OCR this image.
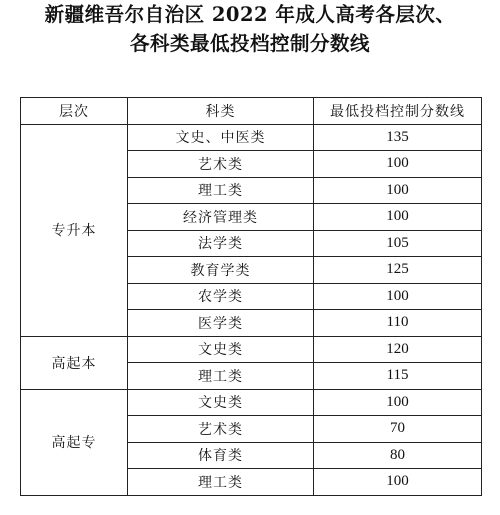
新疆维吾尔自治区 2022 年成人高考各层次、
各科类最低投档控制分数线
层次	科类	最低投档控制分数线
专升本	文史、中医类	135
	艺术类	100
	理工类	100
	经济管理类	100
	法学类	105
	教育学类	125
	农学类	100
	医学类	110
高起本	文史类	120
	理工类	115
高起专	文史类	100
	艺术类	70
	体育类	80
	理工类	100
